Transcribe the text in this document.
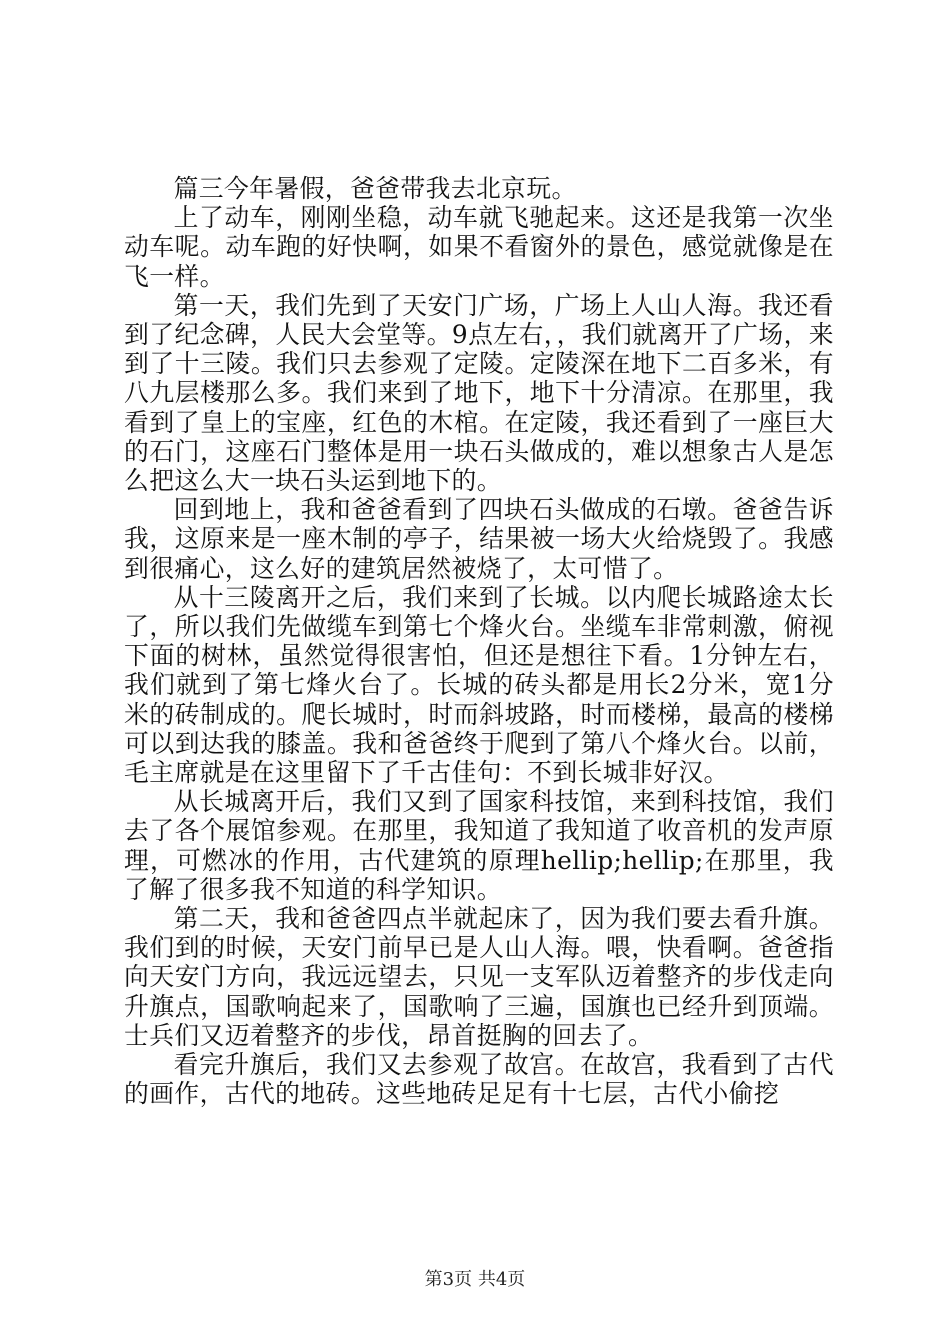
篇三今年暑假，爸爸带我去北京玩。

上了动车，刚刚坐稳，动车就飞驰起来。这还是我第一次坐动车呢。动车跑的好快啊，如果不看窗外的景色，感觉就像是在飞一样。

第一天，我们先到了天安门广场，广场上人山人海。我还看到了纪念碑，人民大会堂等。9点左右，，我们就离开了广场，来到了十三陵。我们只去参观了定陵。定陵深在地下二百多米，有八九层楼那么多。我们来到了地下，地下十分清凉。在那里，我看到了皇上的宝座，红色的木棺。在定陵，我还看到了一座巨大的石门，这座石门整体是用一块石头做成的，难以想象古人是怎么把这么大一块石头运到地下的。

回到地上，我和爸爸看到了四块石头做成的石墩。爸爸告诉我，这原来是一座木制的亭子，结果被一场大火给烧毁了。我感到很痛心，这么好的建筑居然被烧了，太可惜了。

从十三陵离开之后，我们来到了长城。以内爬长城路途太长了，所以我们先做缆车到第七个烽火台。坐缆车非常刺激，俯视下面的树林，虽然觉得很害怕，但还是想往下看。1分钟左右，我们就到了第七烽火台了。长城的砖头都是用长2分米，宽1分米的砖制成的。爬长城时，时而斜坡路，时而楼梯，最高的楼梯可以到达我的膝盖。我和爸爸终于爬到了第八个烽火台。以前，毛主席就是在这里留下了千古佳句：不到长城非好汉。

从长城离开后，我们又到了国家科技馆，来到科技馆，我们去了各个展馆参观。在那里，我知道了我知道了收音机的发声原理，可燃冰的作用，古代建筑的原理hellip;hellip;在那里，我了解了很多我不知道的科学知识。

第二天，我和爸爸四点半就起床了，因为我们要去看升旗。我们到的时候，天安门前早已是人山人海。喂，快看啊。爸爸指向天安门方向，我远远望去，只见一支军队迈着整齐的步伐走向升旗点，国歌响起来了，国歌响了三遍，国旗也已经升到顶端。士兵们又迈着整齐的步伐，昂首挺胸的回去了。

看完升旗后，我们又去参观了故宫。在故宫，我看到了古代的画作，古代的地砖。这些地砖足足有十七层，古代小偷挖

第3页 共4页
